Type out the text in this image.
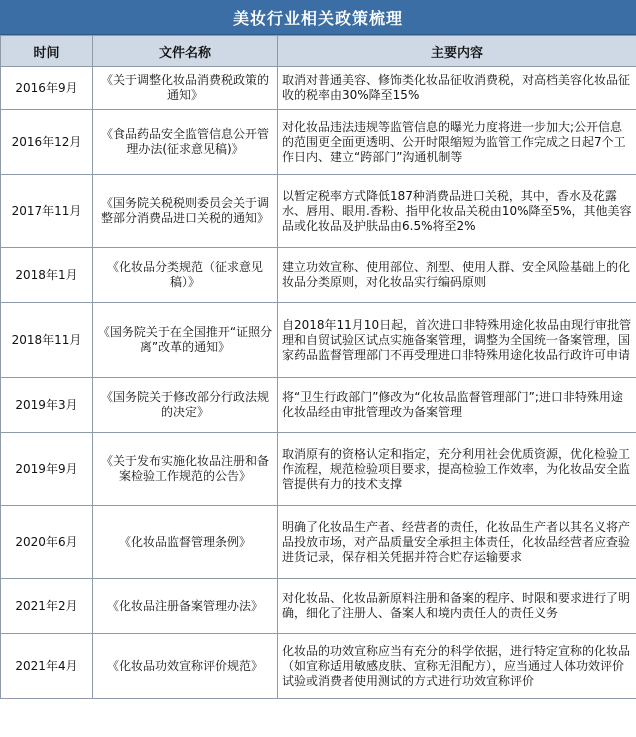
美妆行业相关政策梳理
时间	文件名称	主要内容
2016年9月	《关于调整化妆品消费税政策的通知》	取消对普通美容、修饰类化妆品征收消费税，对高档美容化妆品征收的税率由30%降至15%
2016年12月	《食品药品安全监管信息公开管理办法(征求意见稿)》	对化妆品违法违规等监管信息的曝光力度将进一步加大;公开信息的范围更全面更透明、公开时限缩短为监管工作完成之日起7个工作日内、建立“跨部门”沟通机制等
2017年11月	《国务院关税税则委员会关于调整部分消费品进口关税的通知》	以暂定税率方式降低187种消费品进口关税，其中，香水及花露水、唇用、眼用.香粉、指甲化妆品关税由10%降至5%，其他美容品或化妆品及护肤品由6.5%将至2%
2018年1月	《化妆品分类规范（征求意见稿）》	建立功效宣称、使用部位、剂型、使用人群、安全风险基础上的化妆品分类原则，对化妆品实行编码原则
2018年11月	《国务院关于在全国推开“证照分离”改革的通知》	自2018年11月10日起，首次进口非特殊用途化妆品由现行审批管理和自贸试验区试点实施备案管理，调整为全国统一备案管理，国家药品监督管理部门不再受理进口非特殊用途化妆品行政许可申请
2019年3月	《国务院关于修改部分行政法规的决定》	将“卫生行政部门”修改为“化妆品监督管理部门”;进口非特殊用途化妆品经由审批管理改为备案管理
2019年9月	《关于发布实施化妆品注册和备案检验工作规范的公告》	取消原有的资格认定和指定，充分利用社会优质资源，优化检验工作流程，规范检验项目要求，提高检验工作效率，为化妆品安全监管提供有力的技术支撑
2020年6月	《化妆品监督管理条例》	明确了化妆品生产者、经营者的责任，化妆品生产者以其名义将产品投放市场，对产品质量安全承担主体责任，化妆品经营者应查验进货记录，保存相关凭据并符合贮存运输要求
2021年2月	《化妆品注册备案管理办法》	对化妆品、化妆品新原料注册和备案的程序、时限和要求进行了明确，细化了注册人、备案人和境内责任人的责任义务
2021年4月	《化妆品功效宣称评价规范》	化妆品的功效宣称应当有充分的科学依据，进行特定宣称的化妆品（如宣称适用敏感皮肤、宣称无泪配方），应当通过人体功效评价试验或消费者使用测试的方式进行功效宣称评价
